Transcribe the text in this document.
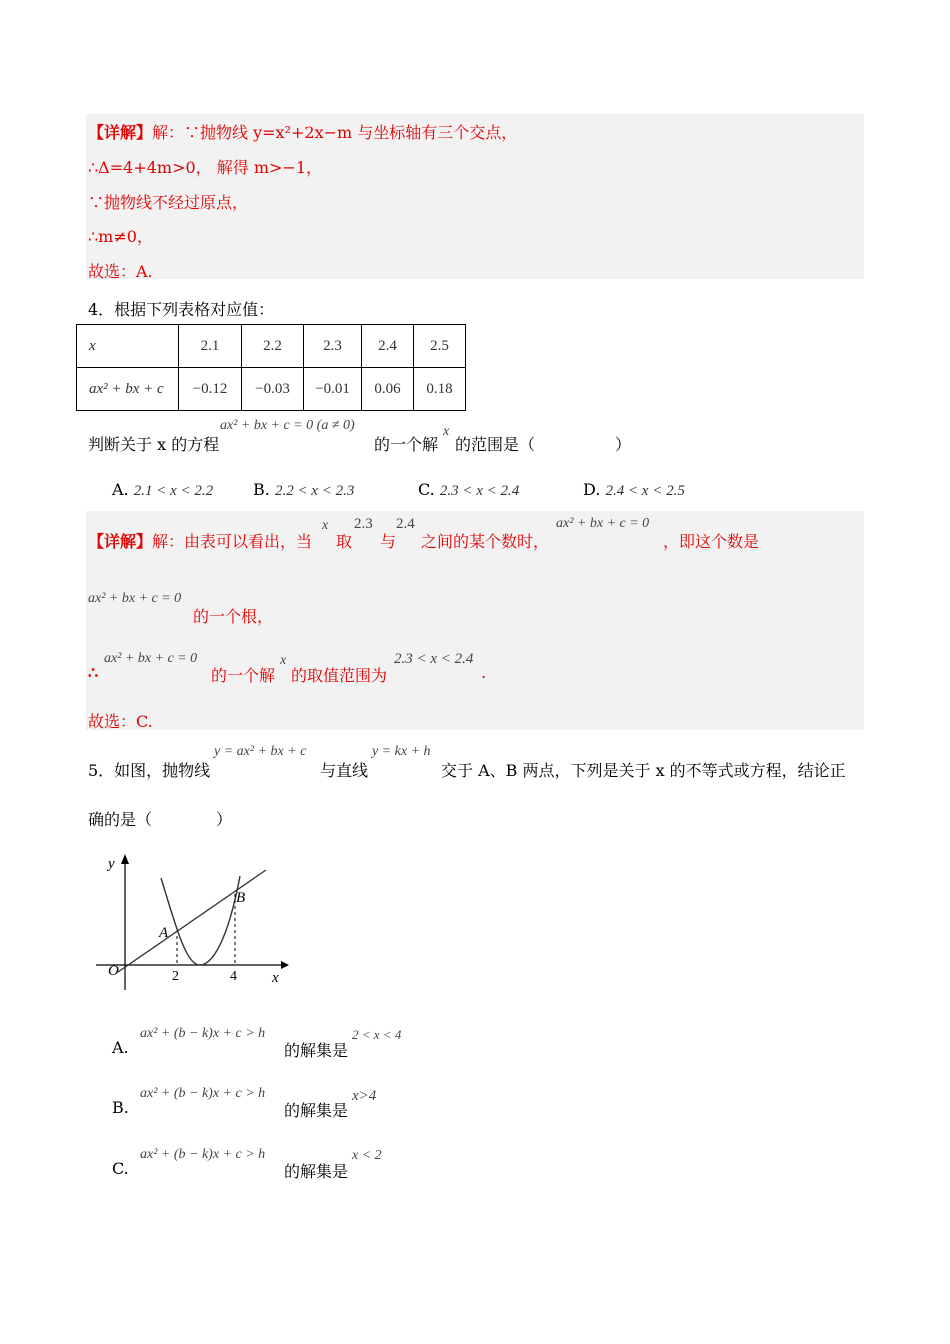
【详解】解：∵抛物线 y=x²+2x−m 与坐标轴有三个交点，
∴Δ=4+4m>0， 解得 m>−1，
∵抛物线不经过原点，
∴m≠0，
故选：A.
4．根据下列表格对应值：
x	2.1	2.2	2.3	2.4	2.5
ax² + bx + c	−0.12	−0.03	−0.01	0.06	0.18
判断关于 x 的方程
ax² + bx + c = 0 (a ≠ 0)
的一个解
x
的范围是（　　　　　）
A. 2.1 < x < 2.2 B. 2.2 < x < 2.3	C. 2.3 < x < 2.4	D. 2.4 < x < 2.5
【详解】解：由表可以看出，当
x
取
2.3
与
2.4
之间的某个数时，
ax² + bx + c = 0
，即这个数是
ax² + bx + c = 0
的一个根，
∴
ax² + bx + c = 0
的一个解
x
的取值范围为
2.3 < x < 2.4
.
故选：C.
5．如图，抛物线
y = ax² + bx + c
与直线
y = kx + h
交于 A、B 两点，下列是关于 x 的不等式或方程，结论正
确的是（　　　　）
y
x
O
A
B
2	4
A.
ax² + (b − k)x + c > h
的解集是
2 < x < 4
B.
ax² + (b − k)x + c > h
的解集是
x>4
C.
ax² + (b − k)x + c > h
的解集是
x < 2
